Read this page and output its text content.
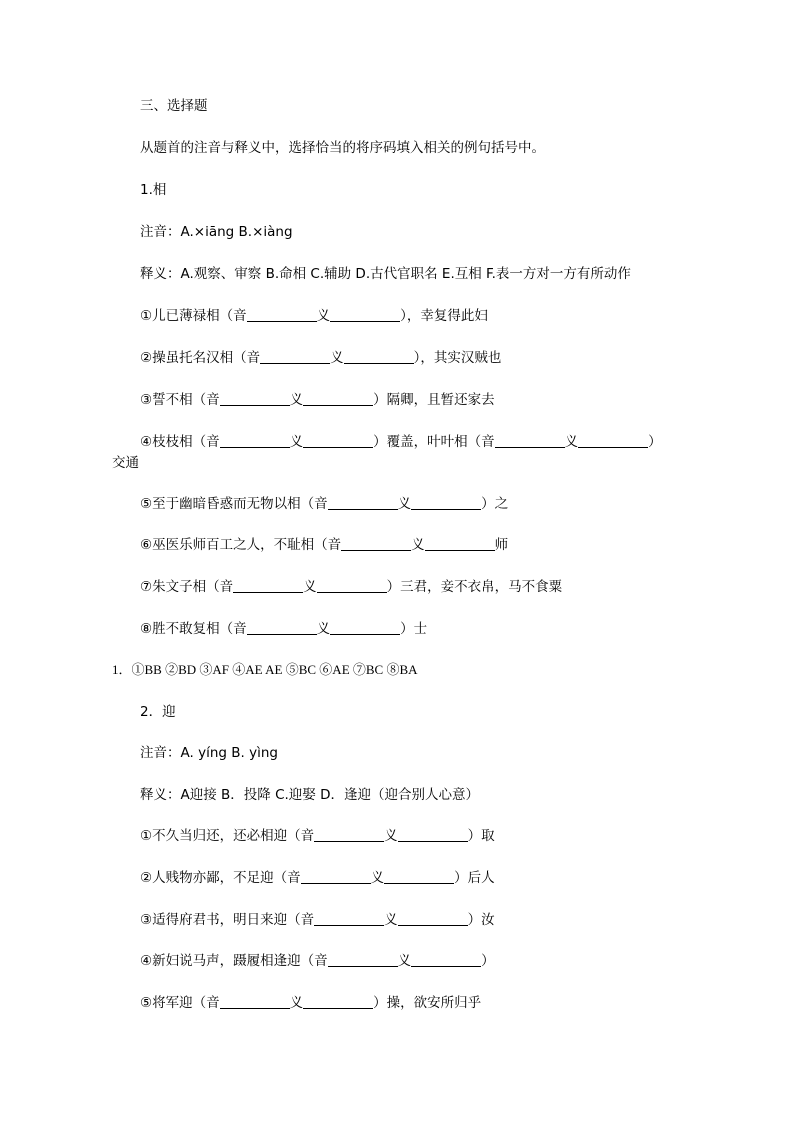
三、选择题
从题首的注音与释义中，选择恰当的将序码填入相关的例句括号中。
1.相
注音：A.×iāng B.×iàng
释义：A.观察、审察 B.命相 C.辅助 D.古代官职名 E.互相 F.表一方对一方有所动作
①儿已薄禄相（音	义	），幸复得此妇
②操虽托名汉相（音	义	），其实汉贼也
③誓不相（音	义	）隔卿，且暂还家去
④枝枝相（音	义	）覆盖，叶叶相（音	义	）
交通
⑤至于幽暗昏惑而无物以相（音	义	）之
⑥巫医乐师百工之人，不耻相（音	义	师
⑦朱文子相（音	义	）三君，妾不衣帛，马不食粟
⑧胜不敢复相（音	义	）士
1．①BB ②BD ③AF ④AE AE ⑤BC ⑥AE ⑦BC ⑧BA
2．迎
注音：A. yíng B. yìng
释义：A迎接 B．投降 C.迎娶 D．逢迎（迎合别人心意）
①不久当归还，还必相迎（音	义	）取
②人贱物亦鄙，不足迎（音	义	）后人
③适得府君书，明日来迎（音	义	）汝
④新妇说马声，蹑履相逢迎（音	义	）
⑤将军迎（音	义	）操，欲安所归乎
